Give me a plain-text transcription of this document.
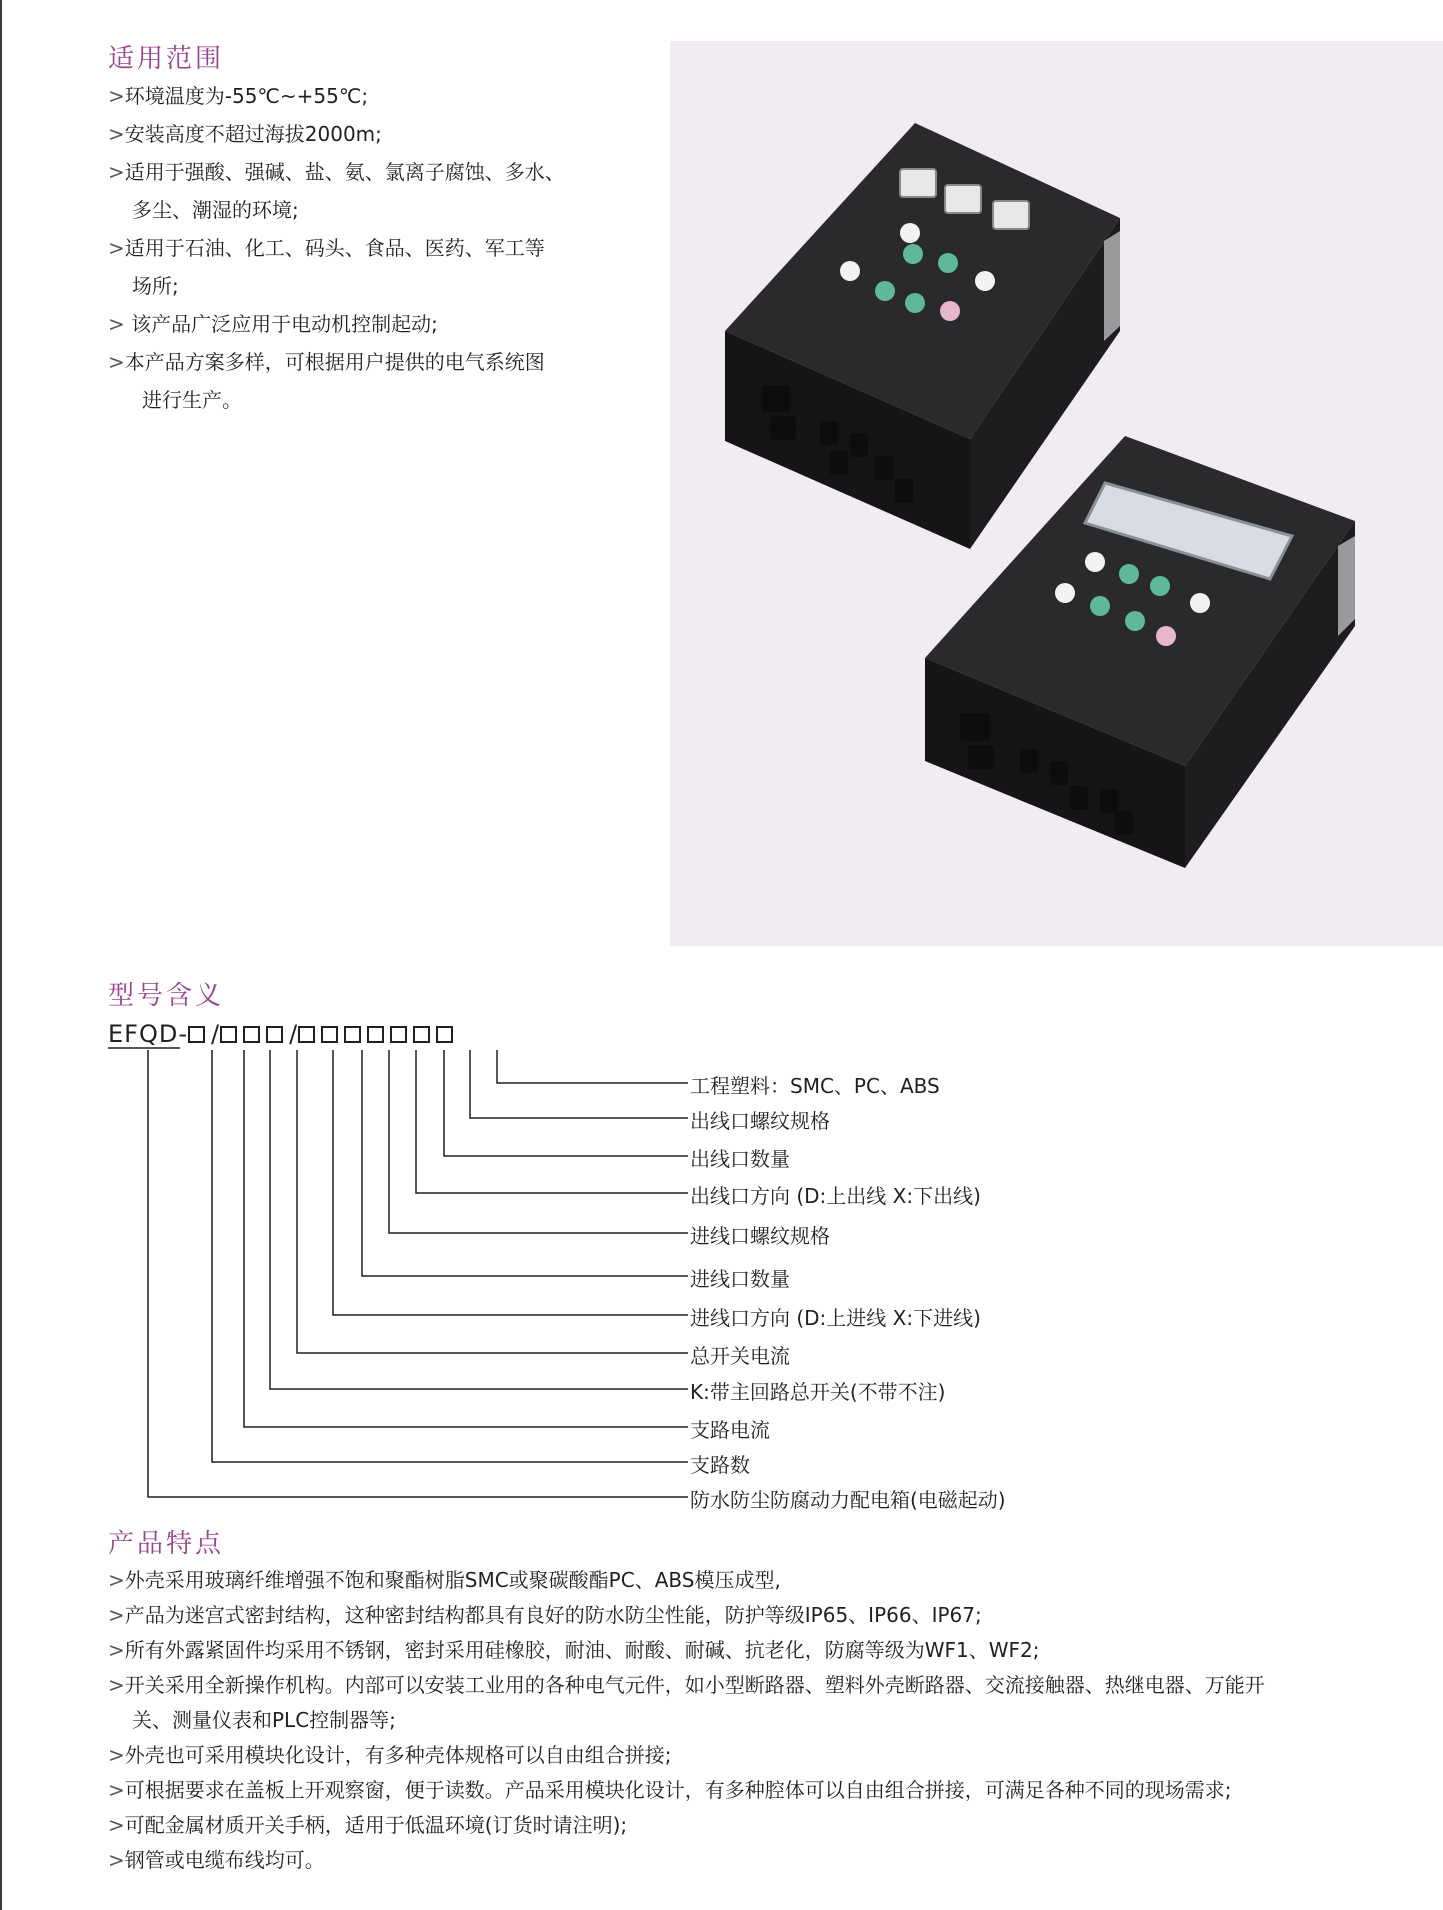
适用范围
>环境温度为-55℃~+55℃;
>安装高度不超过海拔2000m;
>适用于强酸、强碱、盐、氨、氯离子腐蚀、多水、
多尘、潮湿的环境;
>适用于石油、化工、码头、食品、医药、军工等
场所;
> 该产品广泛应用于电动机控制起动;
>本产品方案多样，可根据用户提供的电气系统图
进行生产。
型号含义
EFQD- /	/
工程塑料：SMC、PC、ABS
出线口螺纹规格
出线口数量
出线口方向 (D:上出线 X:下出线)
进线口螺纹规格
进线口数量
进线口方向 (D:上进线 X:下进线)
总开关电流
K:带主回路总开关(不带不注)
支路电流
支路数
防水防尘防腐动力配电箱(电磁起动)
产品特点
>外壳采用玻璃纤维增强不饱和聚酯树脂SMC或聚碳酸酯PC、ABS模压成型,
>产品为迷宫式密封结构，这种密封结构都具有良好的防水防尘性能，防护等级IP65、IP66、IP67;
>所有外露紧固件均采用不锈钢，密封采用硅橡胶，耐油、耐酸、耐碱、抗老化，防腐等级为WF1、WF2;
>开关采用全新操作机构。内部可以安装工业用的各种电气元件，如小型断路器、塑料外壳断路器、交流接触器、热继电器、万能开
关、测量仪表和PLC控制器等;
>外壳也可采用模块化设计，有多种壳体规格可以自由组合拼接;
>可根据要求在盖板上开观察窗，便于读数。产品采用模块化设计，有多种腔体可以自由组合拼接，可满足各种不同的现场需求;
>可配金属材质开关手柄，适用于低温环境(订货时请注明);
>钢管或电缆布线均可。
